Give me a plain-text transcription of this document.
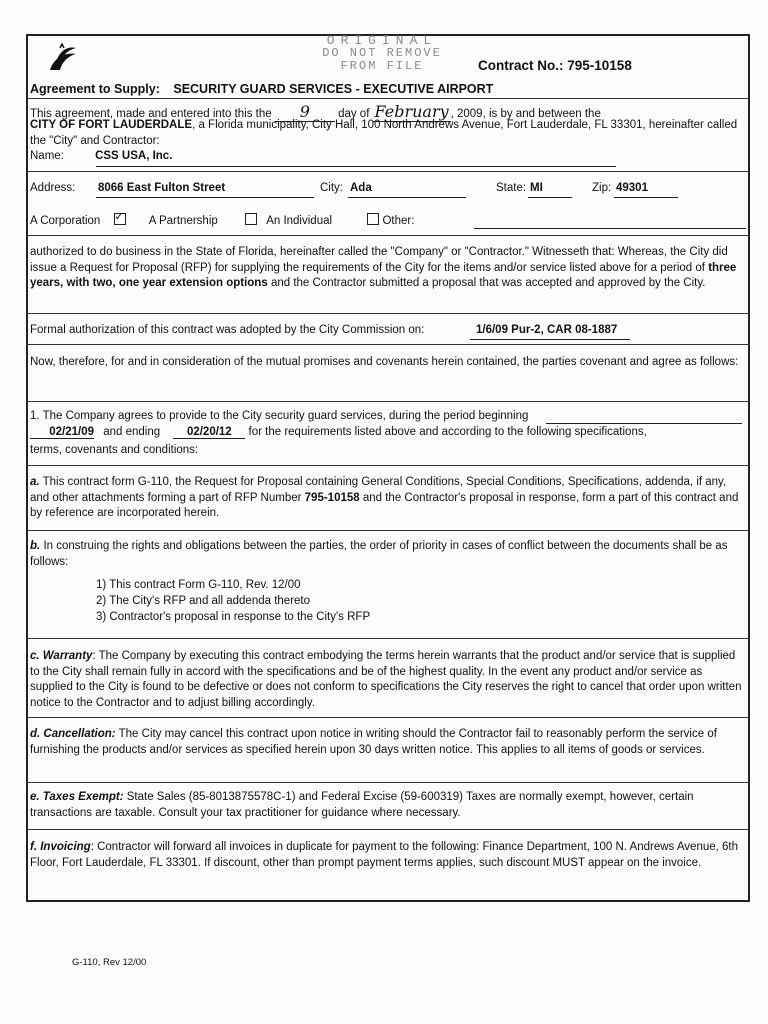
ORIGINAL
DO NOT REMOVE
FROM FILE	Contract No.: 795-10158
Agreement to Supply: SECURITY GUARD SERVICES - EXECUTIVE AIRPORT
This agreement, made and entered into this the 9 day of February , 2009, is by and between the
CITY OF FORT LAUDERDALE, a Florida municipality, City Hall, 100 North Andrews Avenue, Fort Lauderdale, FL 33301, hereinafter called the "City" and Contractor:
Name:	CSS USA, Inc.
Address: 8066 East Fulton Street	City: Ada	State: MI	Zip: 49301
A Corporation ✓	A Partnership	An Individual	Other:
authorized to do business in the State of Florida, hereinafter called the "Company" or "Contractor." Witnesseth that: Whereas, the City did issue a Request for Proposal (RFP) for supplying the requirements of the City for the items and/or service listed above for a period of three years, with two, one year extension options and the Contractor submitted a proposal that was accepted and approved by the City.
Formal authorization of this contract was adopted by the City Commission on:	1/6/09 Pur-2, CAR 08-1887
Now, therefore, for and in consideration of the mutual promises and covenants herein contained, the parties covenant and agree as follows:
1. The Company agrees to provide to the City security guard services, during the period beginning
02/21/09 and ending 02/20/12 for the requirements listed above and according to the following specifications,
terms, covenants and conditions:
a. This contract form G-110, the Request for Proposal containing General Conditions, Special Conditions, Specifications, addenda, if any, and other attachments forming a part of RFP Number 795-10158 and the Contractor's proposal in response, form a part of this contract and by reference are incorporated herein.
b. In construing the rights and obligations between the parties, the order of priority in cases of conflict between the documents shall be as follows:
1) This contract Form G-110, Rev. 12/00
2) The City's RFP and all addenda thereto
3) Contractor's proposal in response to the City's RFP
c. Warranty: The Company by executing this contract embodying the terms herein warrants that the product and/or service that is supplied to the City shall remain fully in accord with the specifications and be of the highest quality. In the event any product and/or service as supplied to the City is found to be defective or does not conform to specifications the City reserves the right to cancel that order upon written notice to the Contractor and to adjust billing accordingly.
d. Cancellation: The City may cancel this contract upon notice in writing should the Contractor fail to reasonably perform the service of furnishing the products and/or services as specified herein upon 30 days written notice. This applies to all items of goods or services.
e. Taxes Exempt: State Sales (85-8013875578C-1) and Federal Excise (59-600319) Taxes are normally exempt, however, certain transactions are taxable. Consult your tax practitioner for guidance where necessary.
f. Invoicing: Contractor will forward all invoices in duplicate for payment to the following: Finance Department, 100 N. Andrews Avenue, 6th Floor, Fort Lauderdale, FL 33301. If discount, other than prompt payment terms applies, such discount MUST appear on the invoice.
G-110, Rev 12/00
